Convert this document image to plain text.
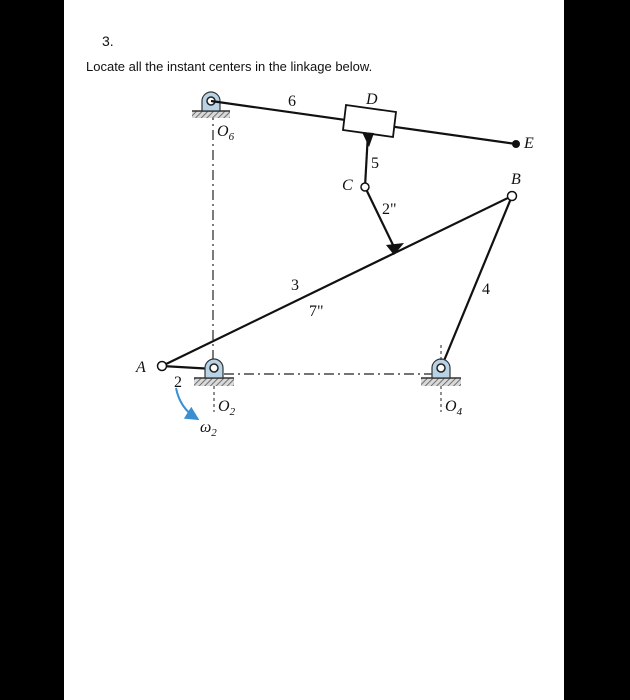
3.
Locate all the instant centers in the linkage below.
6	D
E
B
5
C
2"
3
7"
4
A
2
$O_6$
$O_2$	$O_4$
$\omega_2$
